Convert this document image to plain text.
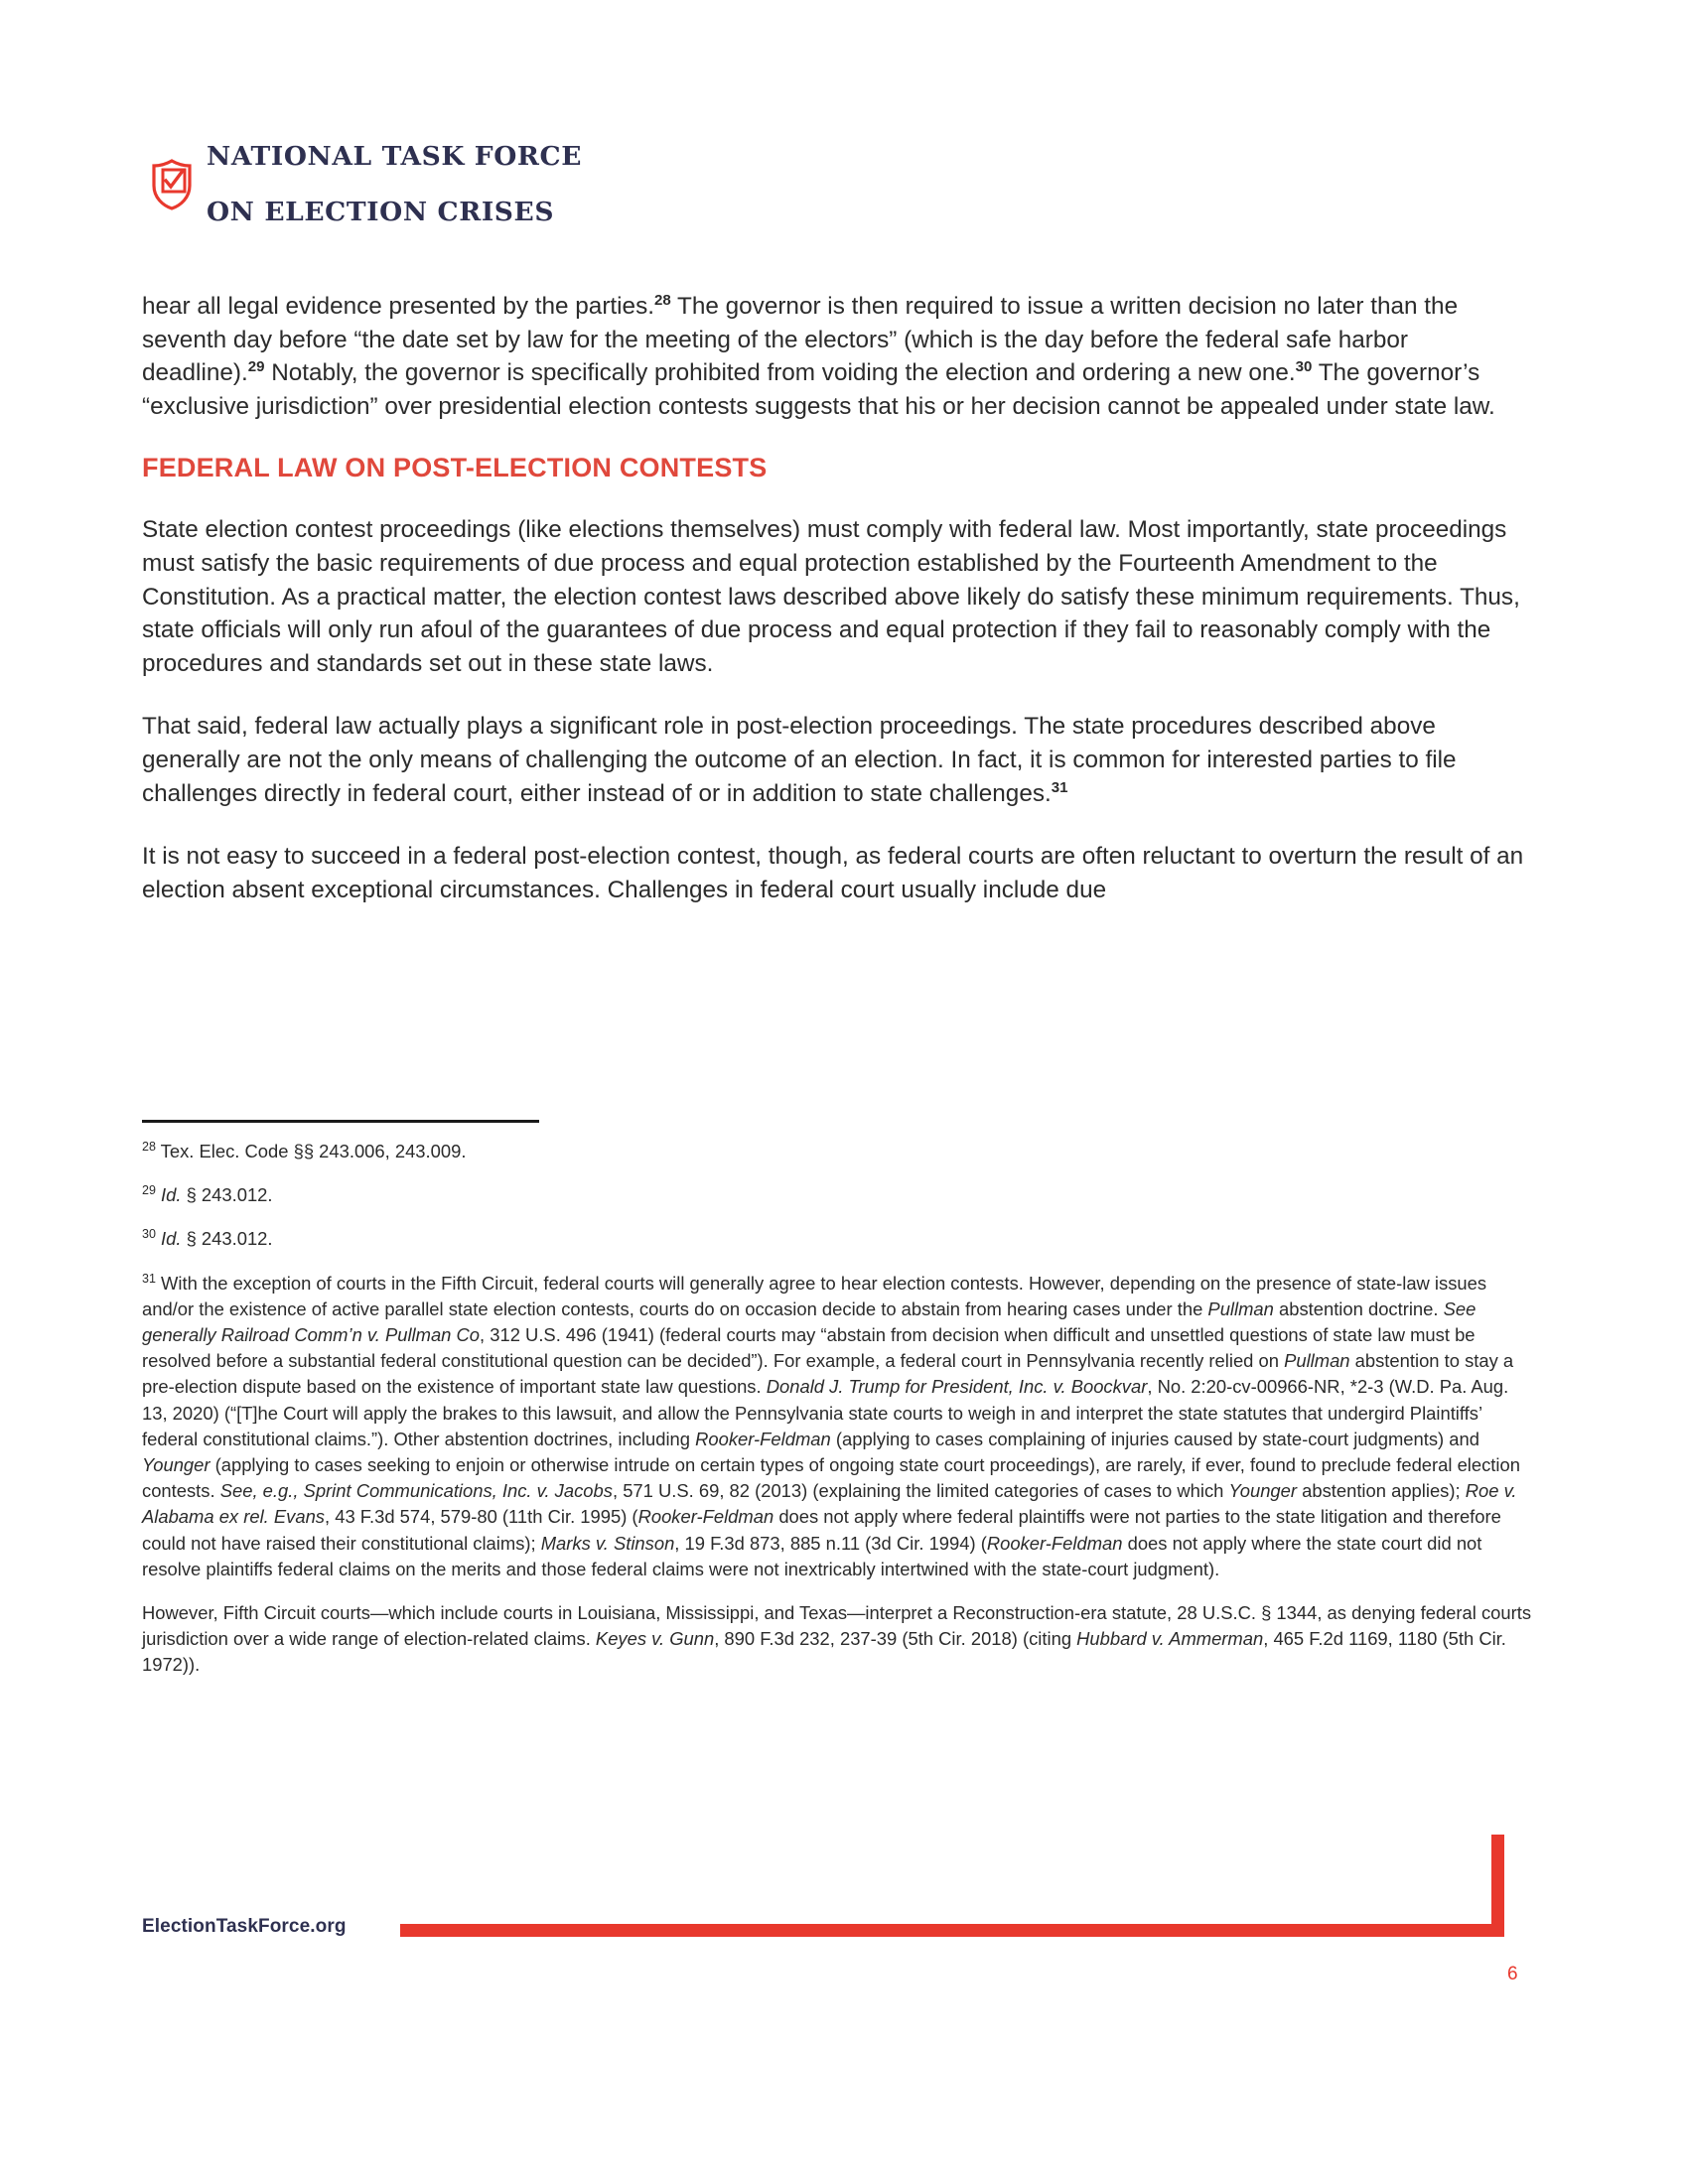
NATIONAL TASK FORCE

ON ELECTION CRISES

hear all legal evidence presented by the parties.$^{28}$ The governor is then required to issue a written decision no later than the seventh day before “the date set by law for the meeting of the electors” (which is the day before the federal safe harbor deadline).$^{29}$ Notably, the governor is specifically prohibited from voiding the election and ordering a new one.$^{30}$ The governor’s “exclusive jurisdiction” over presidential election contests suggests that his or her decision cannot be appealed under state law.

FEDERAL LAW ON POST-ELECTION CONTESTS

State election contest proceedings (like elections themselves) must comply with federal law. Most importantly, state proceedings must satisfy the basic requirements of due process and equal protection established by the Fourteenth Amendment to the Constitution. As a practical matter, the election contest laws described above likely do satisfy these minimum requirements. Thus, state officials will only run afoul of the guarantees of due process and equal protection if they fail to reasonably comply with the procedures and standards set out in these state laws.

That said, federal law actually plays a significant role in post-election proceedings. The state procedures described above generally are not the only means of challenging the outcome of an election. In fact, it is common for interested parties to file challenges directly in federal court, either instead of or in addition to state challenges.$^{31}$

It is not easy to succeed in a federal post-election contest, though, as federal courts are often reluctant to overturn the result of an election absent exceptional circumstances. Challenges in federal court usually include due

$^{28}$ Tex. Elec. Code §§ 243.006, 243.009.

$^{29}$ Id. § 243.012.

$^{30}$ Id. § 243.012.

$^{31}$ With the exception of courts in the Fifth Circuit, federal courts will generally agree to hear election contests. However, depending on the presence of state-law issues and/or the existence of active parallel state election contests, courts do on occasion decide to abstain from hearing cases under the Pullman abstention doctrine. See generally Railroad Comm’n v. Pullman Co, 312 U.S. 496 (1941) (federal courts may “abstain from decision when difficult and unsettled questions of state law must be resolved before a substantial federal constitutional question can be decided”). For example, a federal court in Pennsylvania recently relied on Pullman abstention to stay a pre-election dispute based on the existence of important state law questions. Donald J. Trump for President, Inc. v. Boockvar, No. 2:20-cv-00966-NR, *2-3 (W.D. Pa. Aug. 13, 2020) (“[T]he Court will apply the brakes to this lawsuit, and allow the Pennsylvania state courts to weigh in and interpret the state statutes that undergird Plaintiffs’ federal constitutional claims.”). Other abstention doctrines, including Rooker-Feldman (applying to cases complaining of injuries caused by state-court judgments) and Younger (applying to cases seeking to enjoin or otherwise intrude on certain types of ongoing state court proceedings), are rarely, if ever, found to preclude federal election contests. See, e.g., Sprint Communications, Inc. v. Jacobs, 571 U.S. 69, 82 (2013) (explaining the limited categories of cases to which Younger abstention applies); Roe v. Alabama ex rel. Evans, 43 F.3d 574, 579-80 (11th Cir. 1995) (Rooker-Feldman does not apply where federal plaintiffs were not parties to the state litigation and therefore could not have raised their constitutional claims); Marks v. Stinson, 19 F.3d 873, 885 n.11 (3d Cir. 1994) (Rooker-Feldman does not apply where the state court did not resolve plaintiffs federal claims on the merits and those federal claims were not inextricably intertwined with the state-court judgment).

However, Fifth Circuit courts—which include courts in Louisiana, Mississippi, and Texas—interpret a Reconstruction-era statute, 28 U.S.C. § 1344, as denying federal courts jurisdiction over a wide range of election-related claims. Keyes v. Gunn, 890 F.3d 232, 237-39 (5th Cir. 2018) (citing Hubbard v. Ammerman, 465 F.2d 1169, 1180 (5th Cir. 1972)).

ElectionTaskForce.org
6
